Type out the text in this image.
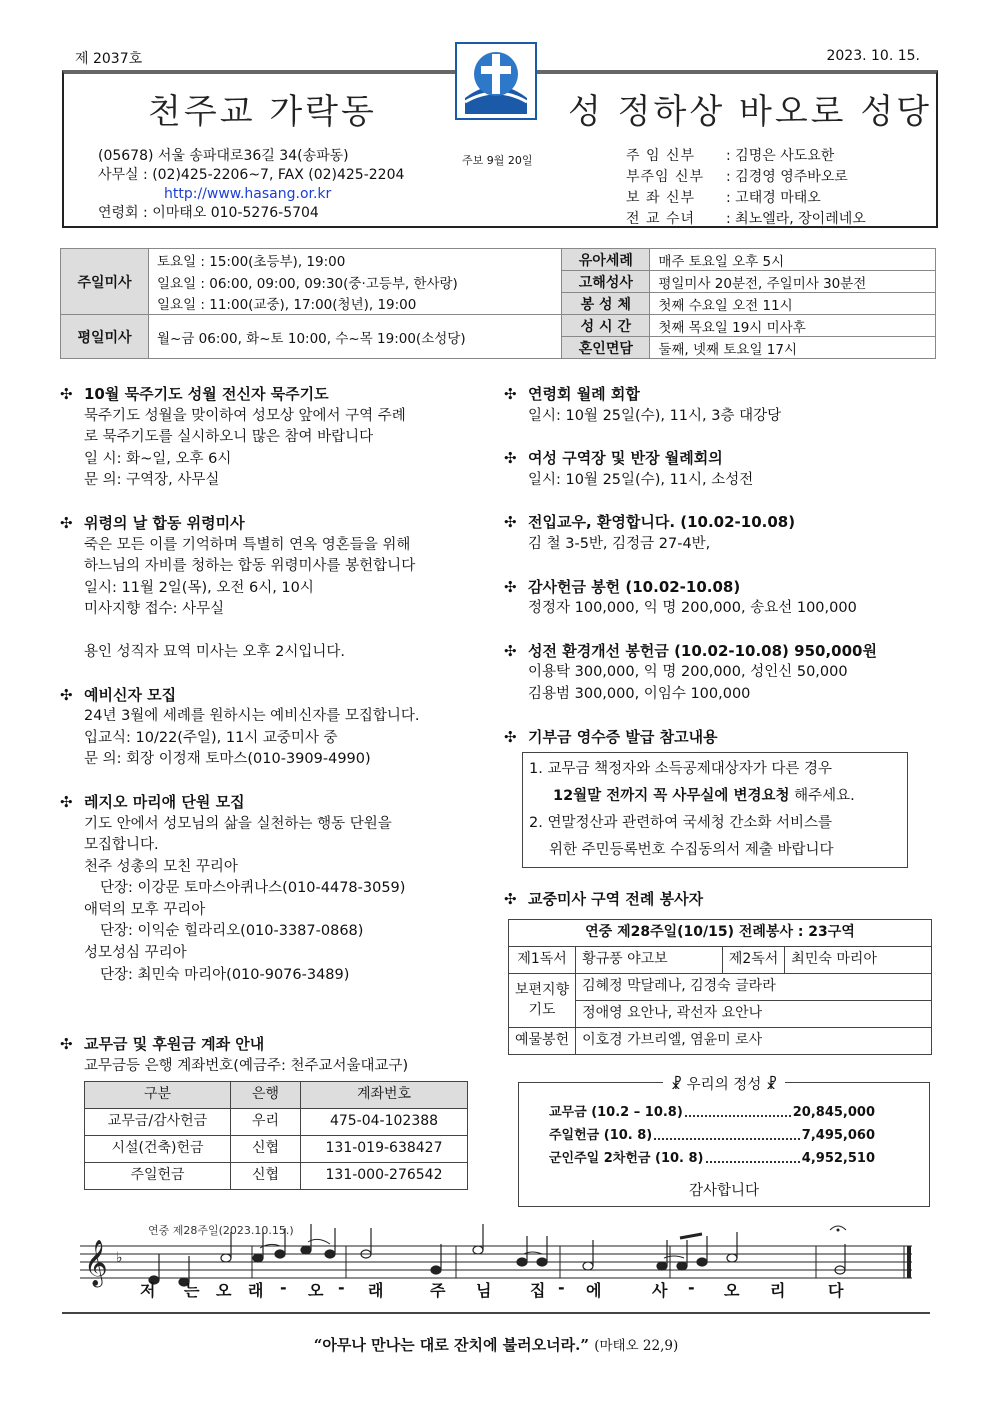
제 2037호	2023. 10. 15.
천주교 가락동	성 정하상 바오로 성당
(05678) 서울 송파대로36길 34(송파동)
사무실 : (02)425-2206~7, FAX (02)425-2204
http://www.hasang.or.kr
연령회 : 이마태오 010-5276-5704
주보 9월 20일	주 임 신부	: 김명은 사도요한
부주임 신부	: 김경영 영주바오로
보 좌 신부	: 고태경 마태오
전 교 수녀	: 최노엘라, 장이레네오
주일미사	토요일 : 15:00(초등부), 19:00	유아세례	매주 토요일 오후 5시
	일요일 : 06:00, 09:00, 09:30(중·고등부, 한사랑)	고해성사	평일미사 20분전, 주일미사 30분전
	일요일 : 11:00(교중), 17:00(청년), 19:00	봉 성 체	첫째 수요일 오전 11시
평일미사	월~금 06:00, 화~토 10:00, 수~목 19:00(소성당)	성 시 간	첫째 목요일 19시 미사후
		혼인면담	둘째, 넷째 토요일 17시
✣ 10월 묵주기도 성월 전신자 묵주기도
묵주기도 성월을 맞이하여 성모상 앞에서 구역 주례
로 묵주기도를 실시하오니 많은 참여 바랍니다
일 시: 화~일, 오후 6시
문 의: 구역장, 사무실
✣ 위령의 날 합동 위령미사
죽은 모든 이를 기억하며 특별히 연옥 영혼들을 위해
하느님의 자비를 청하는 합동 위령미사를 봉헌합니다
일시: 11월 2일(목), 오전 6시, 10시
미사지향 접수: 사무실
용인 성직자 묘역 미사는 오후 2시입니다.
✣ 예비신자 모집
24년 3월에 세례를 원하시는 예비신자를 모집합니다.
입교식: 10/22(주일), 11시 교중미사 중
문 의: 회장 이정재 토마스(010-3909-4990)
✣ 레지오 마리애 단원 모집
기도 안에서 성모님의 삶을 실천하는 행동 단원을
모집합니다.
천주 성총의 모친 꾸리아
단장: 이강문 토마스아퀴나스(010-4478-3059)
애덕의 모후 꾸리아
단장: 이익순 힐라리오(010-3387-0868)
성모성심 꾸리아
단장: 최민숙 마리아(010-9076-3489)
✣ 교무금 및 후원금 계좌 안내
교무금등 은행 계좌번호(예금주: 천주교서울대교구)
구분	은행	계좌번호
교무금/감사헌금	우리	475-04-102388
시설(건축)헌금	신협	131-019-638427
주일헌금	신협	131-000-276542
✣ 연령회 월례 회합
일시: 10월 25일(수), 11시, 3층 대강당
✣ 여성 구역장 및 반장 월례회의
일시: 10월 25일(수), 11시, 소성전
✣ 전입교우, 환영합니다. (10.02-10.08)
김 철 3-5반, 김정금 27-4반,
✣ 감사헌금 봉헌 (10.02-10.08)
정정자 100,000, 익 명 200,000, 송요선 100,000
✣ 성전 환경개선 봉헌금 (10.02-10.08) 950,000원
이용탁 300,000, 익 명 200,000, 성인신 50,000
김용범 300,000, 이임수 100,000
✣ 기부금 영수증 발급 참고내용
1. 교무금 책정자와 소득공제대상자가 다른 경우
12월말 전까지 꼭 사무실에 변경요청 해주세요.
2. 연말정산과 관련하여 국세청 간소화 서비스를
위한 주민등록번호 수집동의서 제출 바랍니다
✣ 교중미사 구역 전례 봉사자
연중 제28주일(10/15) 전례봉사 : 23구역			
제1독서	황규풍 야고보	제2독서	최민숙 마리아
보편지향
기도	김혜정 막달레나, 김경숙 글라라		
	정애영 요안나, 곽선자 요안나		
예물봉헌	이호경 가브리엘, 염윤미 로사		
☧ 우리의 정성 ☧
교무금 (10.2 – 10.8)	20,845,000
주일헌금 (10. 8)	7,495,060
군인주일 2차헌금 (10. 8)	4,952,510
감사합니다
연중 제28주일(2023.10.15.)
𝄞 ♭
저 는 오 래 - 오 - 래	주 님 집 - 에	사 - 오 리	다
“아무나 만나는 대로 잔치에 불러오너라.” (마태오 22,9)
